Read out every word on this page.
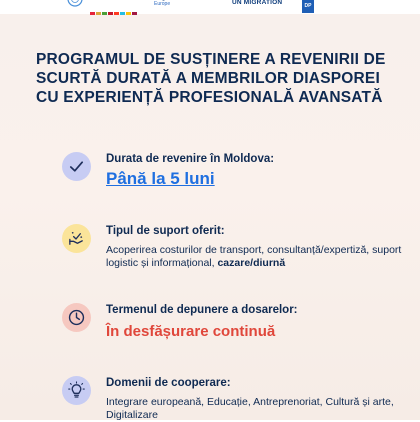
Europe	UN MIGRATION	DP
PROGRAMUL DE SUSȚINERE A REVENIRII DE SCURTĂ DURATĂ A MEMBRILOR DIASPOREI CU EXPERIENȚĂ PROFESIONALĂ AVANSATĂ

Durata de revenire în Moldova:

Până la 5 luni

Tipul de suport oferit:

Acoperirea costurilor de transport, consultanță/expertiză, suport logistic și informațional, cazare/diurnă

Termenul de depunere a dosarelor:

În desfășurare continuă

Domenii de cooperare:

Integrare europeană, Educație, Antreprenoriat, Cultură și arte, Digitalizare
